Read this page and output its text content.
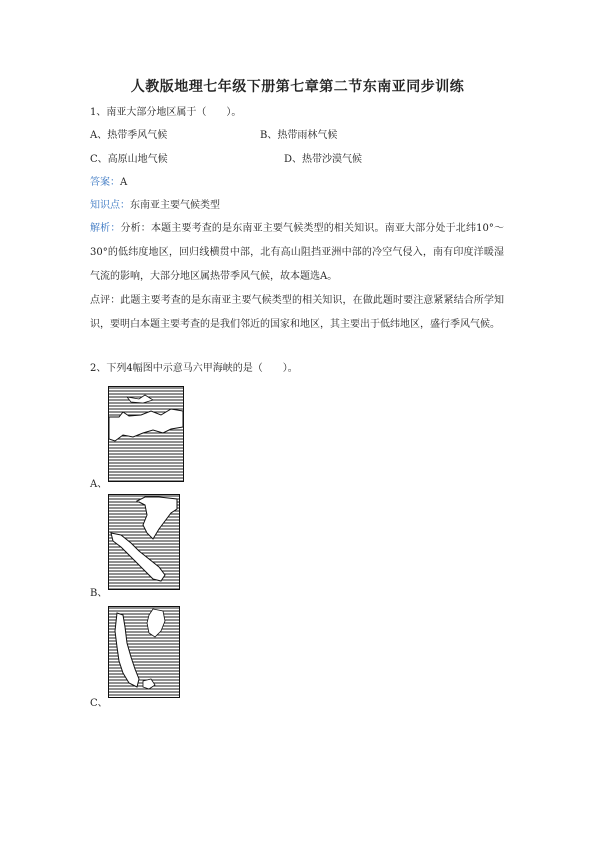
人教版地理七年级下册第七章第二节东南亚同步训练
1、南亚大部分地区属于（　　）。
A、热带季风气候	B、热带雨林气候
C、高原山地气候	D、热带沙漠气候
答案：A
知识点：东南亚主要气候类型
解析：分析：本题主要考查的是东南亚主要气候类型的相关知识。南亚大部分处于北纬10°～30°的低纬度地区，回归线横贯中部，北有高山阻挡亚洲中部的冷空气侵入，南有印度洋暖湿气流的影响，大部分地区属热带季风气候，故本题选A。
点评：此题主要考查的是东南亚主要气候类型的相关知识，在做此题时要注意紧紧结合所学知识，要明白本题主要考查的是我们邻近的国家和地区，其主要出于低纬地区，盛行季风气候。
2、下列4幅图中示意马六甲海峡的是（　　）。
A、
B、
C、
